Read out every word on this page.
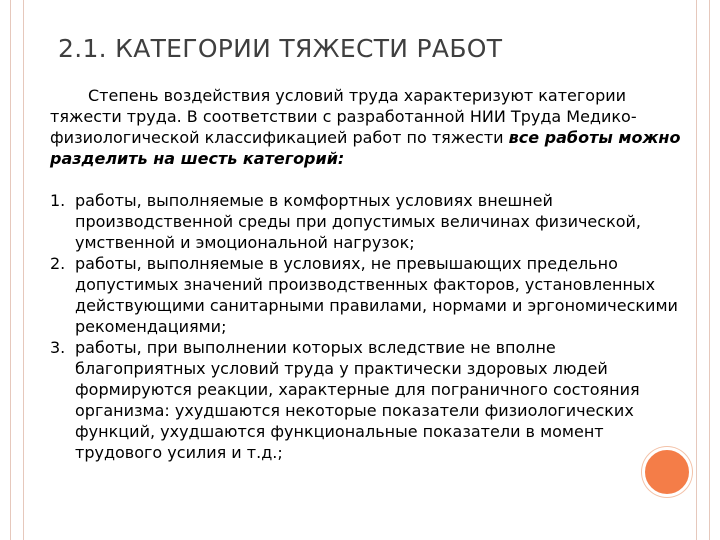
2.1. КАТЕГОРИИ ТЯЖЕСТИ РАБОТ

Степень воздействия условий труда характеризуют категории тяжести труда. В соответствии с разработанной НИИ Труда Медико-физиологической классификацией работ по тяжести все работы можно разделить на шесть категорий:

1. работы, выполняемые в комфортных условиях внешней производственной среды при допустимых величинах физической, умственной и эмоциональной нагрузок;
2. работы, выполняемые в условиях, не превышающих предельно допустимых значений производственных факторов, установленных действующими санитарными правилами, нормами и эргономическими рекомендациями;
3. работы, при выполнении которых вследствие не вполне благоприятных условий труда у практически здоровых людей формируются реакции, характерные для пограничного состояния организма: ухудшаются некоторые показатели физиологических функций, ухудшаются функциональные показатели в момент трудового усилия и т.д.;
